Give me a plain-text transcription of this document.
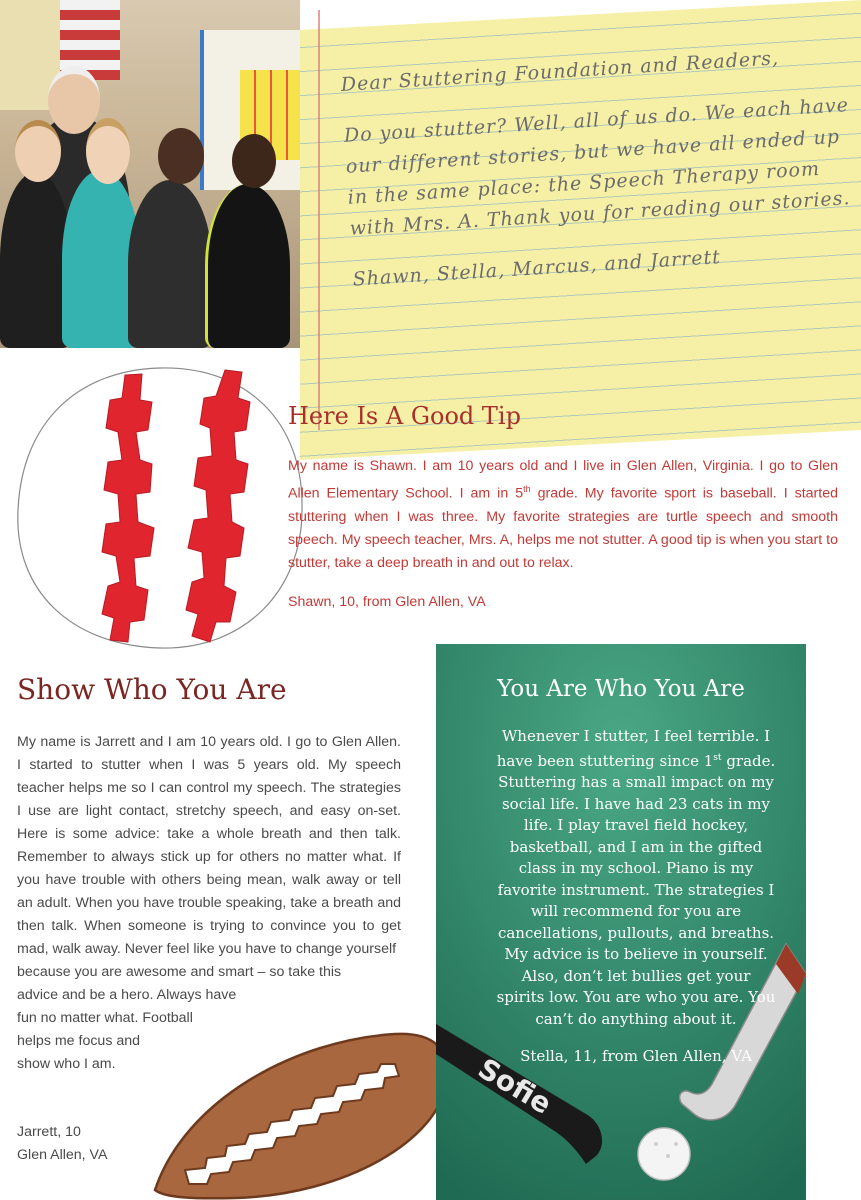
Dear Stuttering Foundation and Readers,

Do you stutter? Well, all of us do. We each have our different stories, but we have all ended up in the same place: the Speech Therapy room with Mrs. A. Thank you for reading our stories.

Shawn, Stella, Marcus, and Jarrett

Here Is A Good Tip

My name is Shawn. I am 10 years old and I live in Glen Allen, Virginia. I go to Glen Allen Elementary School. I am in 5th grade. My favorite sport is baseball. I started stuttering when I was three. My favorite strategies are turtle speech and smooth speech. My speech teacher, Mrs. A, helps me not stutter. A good tip is when you start to stutter, take a deep breath in and out to relax.

Shawn, 10, from Glen Allen, VA
Show Who You Are

My name is Jarrett and I am 10 years old. I go to Glen Allen. I started to stutter when I was 5 years old. My speech teacher helps me so I can control my speech. The strategies I use are light contact, stretchy speech, and easy on-set. Here is some advice: take a whole breath and then talk. Remember to always stick up for others no matter what. If you have trouble with others being mean, walk away or tell an adult. When you have trouble speaking, take a breath and then talk. When someone is trying to convince you to get mad, walk away. Never feel like you have to change yourself
because you are awesome and smart – so take this
advice and be a hero. Always have
fun no matter what. Football
helps me focus and
show who I am.

Jarrett, 10
Glen Allen, VA
Sofie
You Are Who You Are

Whenever I stutter, I feel terrible. I have been stuttering since 1st grade. Stuttering has a small impact on my social life. I have had 23 cats in my life. I play travel field hockey, basketball, and I am in the gifted class in my school. Piano is my favorite instrument. The strategies I will recommend for you are cancellations, pullouts, and breaths. My advice is to believe in yourself. Also, don’t let bullies get your spirits low. You are who you are. You can’t do anything about it.

Stella, 11, from Glen Allen, VA
